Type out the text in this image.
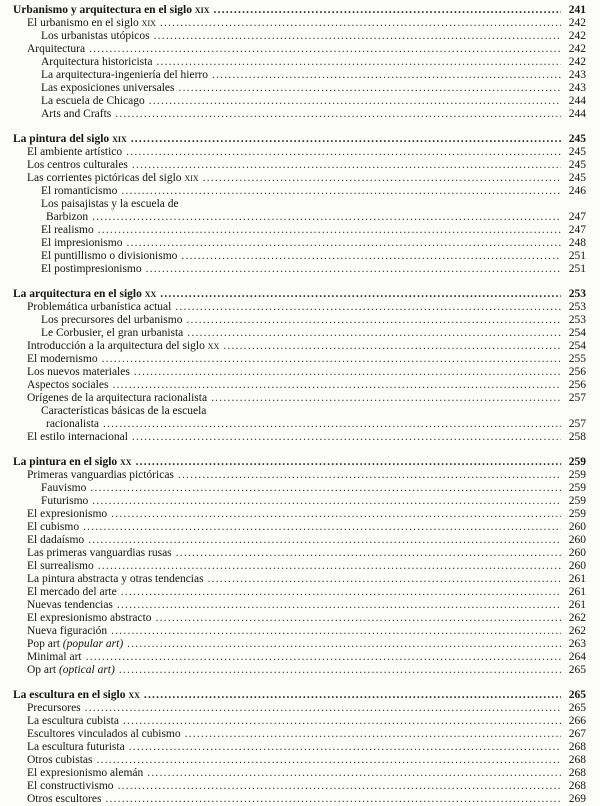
Urbanismo y arquitectura en el siglo xix .....	241
El urbanismo en el siglo xix .....	242
Los urbanistas utópicos .....	242
Arquitectura .....	242
Arquitectura historicista .....	242
La arquitectura-ingeniería del hierro .....	243
Las exposiciones universales .....	243
La escuela de Chicago .....	244
Arts and Crafts .....	244
La pintura del siglo xix .....	245
El ambiente artístico .....	245
Los centros culturales .....	245
Las corrientes pictóricas del siglo xix .....	245
El romanticismo .....	246
Los paisajistas y la escuela de
Barbizon .....	247
El realismo .....	247
El impresionismo .....	248
El puntillismo o divisionismo .....	251
El postimpresionismo .....	251
La arquitectura en el siglo xx .....	253
Problemática urbanística actual .....	253
Los precursores del urbanismo .....	253
Le Corbusier, el gran urbanista .....	254
Introducción a la arquitectura del siglo xx .....	254
El modernismo .....	255
Los nuevos materiales .....	256
Aspectos sociales .....	256
Orígenes de la arquitectura racionalista .....	257
Características básicas de la escuela
racionalista .....	257
El estilo internacional .....	258
La pintura en el siglo xx .....	259
Primeras vanguardias pictóricas .....	259
Fauvismo .....	259
Futurismo .....	259
El expresionismo .....	259
El cubismo .....	260
El dadaísmo .....	260
Las primeras vanguardias rusas .....	260
El surrealismo .....	260
La pintura abstracta y otras tendencias .....	261
El mercado del arte .....	261
Nuevas tendencias .....	261
El expresionismo abstracto .....	262
Nueva figuración .....	262
Pop art (popular art) .....	263
Minimal art .....	264
Op art (optical art) .....	265
La escultura en el siglo xx .....	265
Precursores .....	265
La escultura cubista .....	266
Escultores vinculados al cubismo .....	267
La escultura futurista .....	268
Otros cubistas .....	268
El expresionismo alemán .....	268
El constructivismo .....	268
Otros escultores .....	269
